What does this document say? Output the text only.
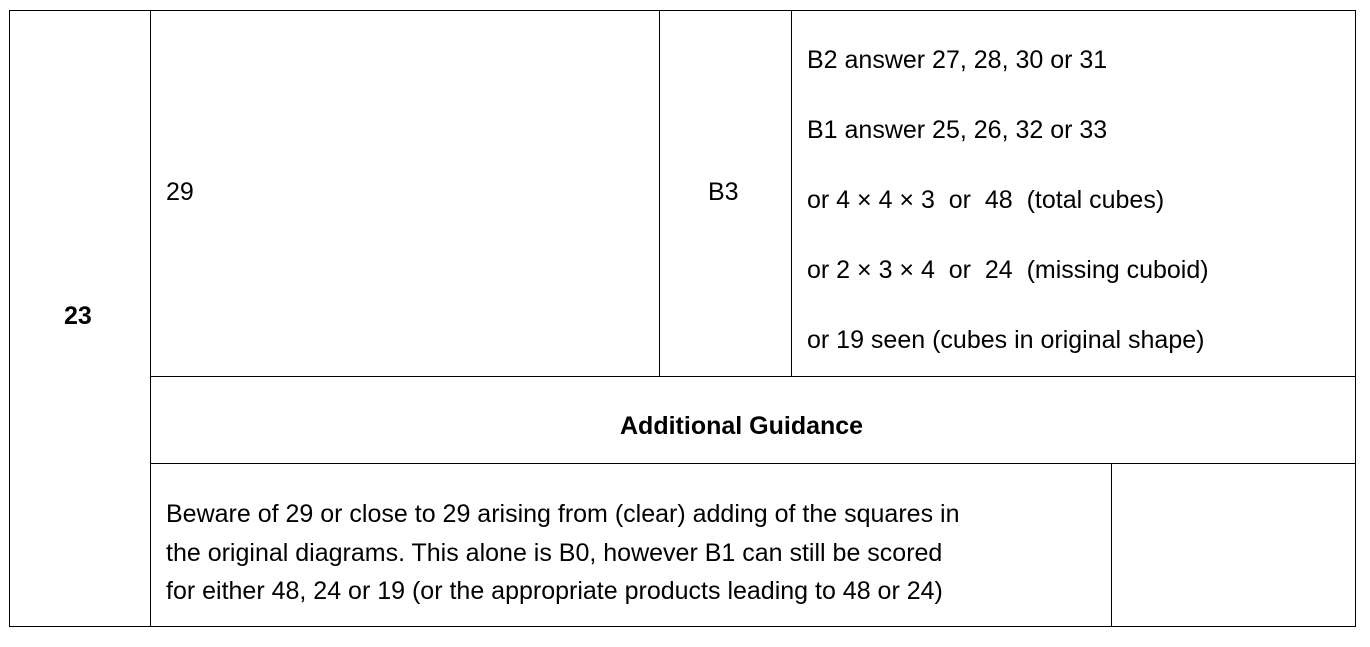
23
29	B3
B2 answer 27, 28, 30 or 31
B1 answer 25, 26, 32 or 33
or 4 × 4 × 3  or  48  (total cubes)
or 2 × 3 × 4  or  24  (missing cuboid)
or 19 seen (cubes in original shape)
Additional Guidance
Beware of 29 or close to 29 arising from (clear) adding of the squares in
the original diagrams. This alone is B0, however B1 can still be scored
for either 48, 24 or 19 (or the appropriate products leading to 48 or 24)
